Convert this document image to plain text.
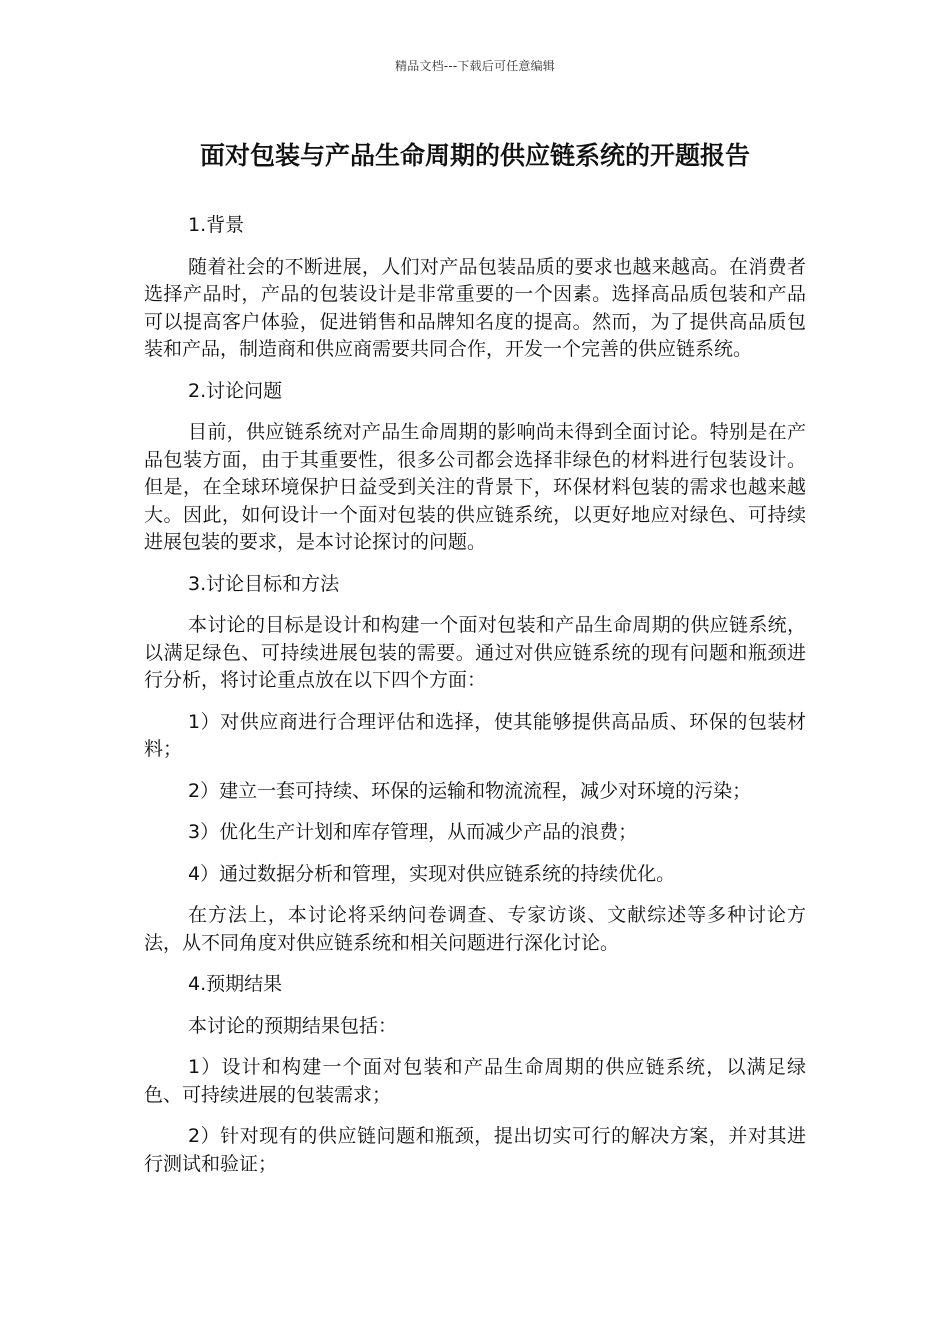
精品文档---下载后可任意编辑
面对包装与产品生命周期的供应链系统的开题报告

1.背景

随着社会的不断进展，人们对产品包装品质的要求也越来越高。在消费者选择产品时，产品的包装设计是非常重要的一个因素。选择高品质包装和产品可以提高客户体验，促进销售和品牌知名度的提高。然而，为了提供高品质包装和产品，制造商和供应商需要共同合作，开发一个完善的供应链系统。

2.讨论问题

目前，供应链系统对产品生命周期的影响尚未得到全面讨论。特别是在产品包装方面，由于其重要性，很多公司都会选择非绿色的材料进行包装设计。但是，在全球环境保护日益受到关注的背景下，环保材料包装的需求也越来越大。因此，如何设计一个面对包装的供应链系统，以更好地应对绿色、可持续进展包装的要求，是本讨论探讨的问题。

3.讨论目标和方法

本讨论的目标是设计和构建一个面对包装和产品生命周期的供应链系统，以满足绿色、可持续进展包装的需要。通过对供应链系统的现有问题和瓶颈进行分析，将讨论重点放在以下四个方面：

1）对供应商进行合理评估和选择，使其能够提供高品质、环保的包装材料；

2）建立一套可持续、环保的运输和物流流程，减少对环境的污染；

3）优化生产计划和库存管理，从而减少产品的浪费；

4）通过数据分析和管理，实现对供应链系统的持续优化。

在方法上，本讨论将采纳问卷调查、专家访谈、文献综述等多种讨论方法，从不同角度对供应链系统和相关问题进行深化讨论。

4.预期结果

本讨论的预期结果包括：

1）设计和构建一个面对包装和产品生命周期的供应链系统，以满足绿色、可持续进展的包装需求；

2）针对现有的供应链问题和瓶颈，提出切实可行的解决方案，并对其进行测试和验证；
